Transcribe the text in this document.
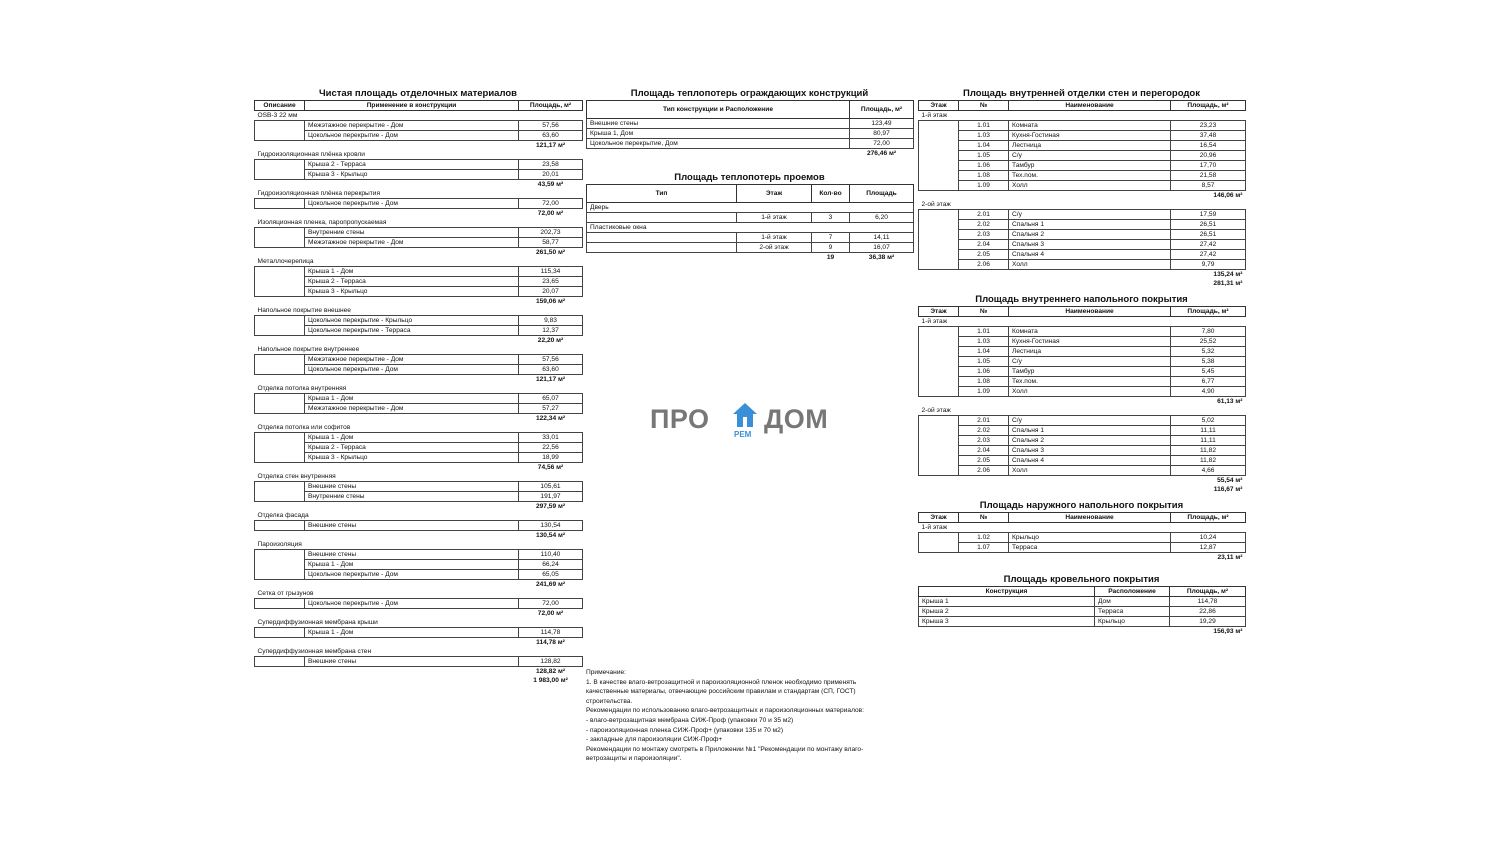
Чистая площадь отделочных материалов
Описание	Применение в конструкции	Площадь, м²
OSB-3 22 мм		
	Межэтажное перекрытие - Дом	57,56
	Цокольное перекрытие - Дом	63,60
		121,17 м²
Гидроизоляционная плёнка кровли		
	Крыша 2 - Терраса	23,58
	Крыша 3 - Крыльцо	20,01
		43,59 м²
Гидроизоляционная плёнка перекрытия		
	Цокольное перекрытие - Дом	72,00
		72,00 м²
Изоляционная пленка, паропропускаемая		
	Внутренние стены	202,73
	Межэтажное перекрытие - Дом	58,77
		261,50 м²
Металлочерепица		
	Крыша 1 - Дом	115,34
	Крыша 2 - Терраса	23,65
	Крыша 3 - Крыльцо	20,07
		159,06 м²
Напольное покрытие внешнее		
	Цокольное перекрытие - Крыльцо	9,83
	Цокольное перекрытие - Терраса	12,37
		22,20 м²
Напольное покрытие внутреннее		
	Межэтажное перекрытие - Дом	57,56
	Цокольное перекрытие - Дом	63,60
		121,17 м²
Отделка потолка внутренняя		
	Крыша 1 - Дом	65,07
	Межэтажное перекрытие - Дом	57,27
		122,34 м²
Отделка потолка или софитов		
	Крыша 1 - Дом	33,01
	Крыша 2 - Терраса	22,56
	Крыша 3 - Крыльцо	18,99
		74,56 м²
Отделка стен внутренняя		
	Внешние стены	105,61
	Внутренние стены	191,97
		297,59 м²
Отделка фасада		
	Внешние стены	130,54
		130,54 м²
Пароизоляция		
	Внешние стены	110,40
	Крыша 1 - Дом	66,24
	Цокольное перекрытие - Дом	65,05
		241,69 м²
Сетка от грызунов		
	Цокольное перекрытие - Дом	72,00
		72,00 м²
Супердиффузионная мембрана крыши		
	Крыша 1 - Дом	114,78
		114,78 м²
Супердиффузионная мембрана стен		
	Внешние стены	128,82
		128,82 м²
		1 983,00 м²
Площадь теплопотерь ограждающих конструкций
Тип конструкции и Расположение	Площадь, м²
Внешние стены	123,49
Крыша 1, Дом	80,97
Цокольное перекрытие, Дом	72,00
	276,46 м²
Площадь теплопотерь проемов
Тип	Этаж	Кол-во	Площадь
Дверь			
	1-й этаж	3	6,20
Пластиковые окна			
	1-й этаж	7	14,11
	2-ой этаж	9	16,07
		19	36,38 м²
Площадь внутренней отделки стен и перегородок
Этаж	№	Наименование	Площадь, м²
1-й этаж			
	1.01	Комната	23,23
	1.03	Кухня-Гостиная	37,48
	1.04	Лестница	16,54
	1.05	С/у	20,96
	1.06	Тамбур	17,70
	1.08	Тех.пом.	21,58
	1.09	Холл	8,57
146,06 м²			
2-ой этаж			
	2.01	С/у	17,59
	2.02	Спальня 1	26,51
	2.03	Спальня 2	26,51
	2.04	Спальня 3	27,42
	2.05	Спальня 4	27,42
	2.06	Холл	9,79
135,24 м²			
281,31 м²			
Площадь внутреннего напольного покрытия
Этаж	№	Наименование	Площадь, м²
1-й этаж			
	1.01	Комната	7,80
	1.03	Кухня-Гостиная	25,52
	1.04	Лестница	5,32
	1.05	С/у	5,38
	1.06	Тамбур	5,45
	1.08	Тех.пом.	6,77
	1.09	Холл	4,90
61,13 м²			
2-ой этаж			
	2.01	С/у	5,02
	2.02	Спальня 1	11,11
	2.03	Спальня 2	11,11
	2.04	Спальня 3	11,82
	2.05	Спальня 4	11,82
	2.06	Холл	4,66
55,54 м²			
116,67 м²			
Площадь наружного напольного покрытия
Этаж	№	Наименование	Площадь, м²
1-й этаж			
	1.02	Крыльцо	10,24
	1.07	Терраса	12,87
23,11 м²			
Площадь кровельного покрытия
Конструкция	Расположение	Площадь, м²
Крыша 1	Дом	114,78
Крыша 2	Терраса	22,86
Крыша 3	Крыльцо	19,29
156,93 м²		
ПРО
РЕМ
ДОМ
Примечание:
1. В качестве влаго-ветрозащитной и пароизоляционной пленок необходимо применять
качественные материалы, отвечающие российским правилам и стандартам (СП, ГОСТ)
строительства.
Рекомендации по использованию влаго-ветрозащитных и пароизоляционных материалов:
- влаго-ветрозащитная мембрана СИЖ-Проф (упаковки 70 и 35 м2)
- пароизоляционная пленка СИЖ-Проф+ (упаковки 135 и 70 м2)
- закладные для пароизоляции СИЖ-Проф+
Рекомендации по монтажу смотреть в Приложении №1 "Рекомендации по монтажу влаго-
ветрозащиты и пароизоляции".
